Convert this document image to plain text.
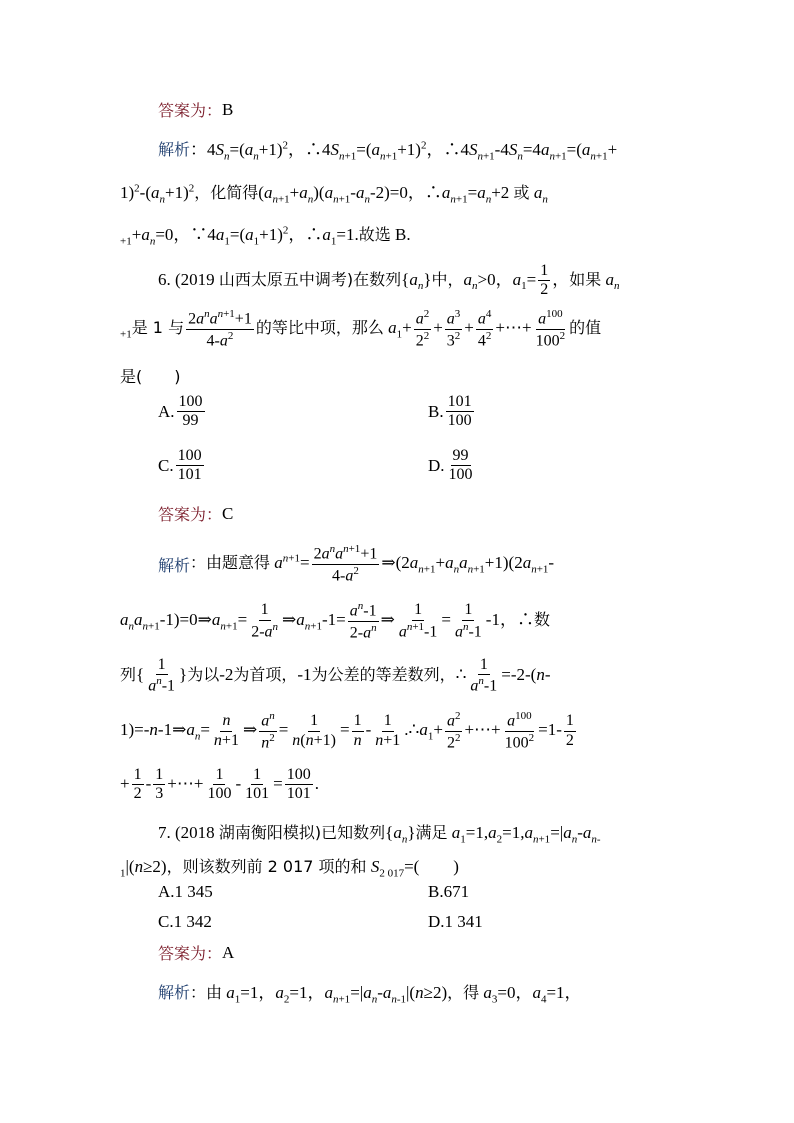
答案为： B
解析 ：$4S_n=(a_n+1)^2$，$\therefore 4S_{n+1}=(a_{n+1}+1)^2$，$\therefore 4S_{n+1}-4S_n=4a_{n+1}=(a_{n+1}+$
$1)^2-(a_n+1)^2$，化简得$(a_{n+1}+a_n)(a_{n+1}-a_n-2)=0$，$\therefore a_{n+1}=a_n+2$ 或 $a_n$
$_{+1}+a_n=0$，$\because 4a_1=(a_1+1)^2$，$\therefore a_1=1$.故选 B.
6. (2019 山西太原五中调考)在数列$\{a_n\}$中，$a_n>0$，$a_1= \frac{1}{2}$ ，如果 $a_n$
$_{+1}$是 1 与 $\frac{2a^na^{n+1}+1}{4-a^2}$ 的等比中项，那么 $a_1+ \frac{a^2}{2^2} + \frac{a^3}{3^2} + \frac{a^4}{4^2}$ +⋯+ $\frac{a^{100}}{100^2}$ 的值
是(　　)
A. $\frac{100}{99}$	B. $\frac{101}{100}$
C. $\frac{100}{101}$	D. $\frac{99}{100}$
答案为： C
解析 ：由题意得 $a^{n+1}= \frac{2a^na^{n+1}+1}{4-a^2}$ $\Rightarrow(2a_{n+1}+a_na_{n+1}+1)(2a_{n+1}-$
$a_na_{n+1}-1)=0\Rightarrow a_{n+1}= \frac{1}{2-a^n}$ $\Rightarrow a_{n+1}-1= \frac{a^n-1}{2-a^n}$ ⇒ $\frac{1}{a^{n+1}-1} = \frac{1}{a^n-1} -1$，∴数
列{ $\frac{1}{a^n-1}$ }为以-2为首项，-1为公差的等差数列，∴ $\frac{1}{a^n-1} =-2-(n-$
$1)=-n-1\Rightarrow a_n= \frac{n}{n+1}$ ⇒ $\frac{a^n}{n^2} = \frac{1}{n(n+1)} = \frac{1}{n} - \frac{1}{n+1}$ $.\therefore a_1+ \frac{a^2}{2^2}$ +⋯+ $\frac{a^{100}}{100^2} =1- \frac{1}{2}$
+ $\frac{1}{2} - \frac{1}{3}$ +⋯+ $\frac{1}{100} - \frac{1}{101} = \frac{100}{101}$ .
7. (2018 湖南衡阳模拟)已知数列$\{a_n\}$满足 $a_1=1,a_2=1,a_{n+1}=|a_n-a_{n-}$
$_1$|(n≥2)，则该数列前 2 017 项的和 $S_{2 017}=$(　　)
A. 1 345	B. 671
C. 1 342	D. 1 341
答案为： A
解析 ：由 $a_1=1$，$a_2=1$，$a_{n+1}=|a_n-a_{n-1}|(n\ge 2)$，得 $a_3=0$，$a_4=1$，
